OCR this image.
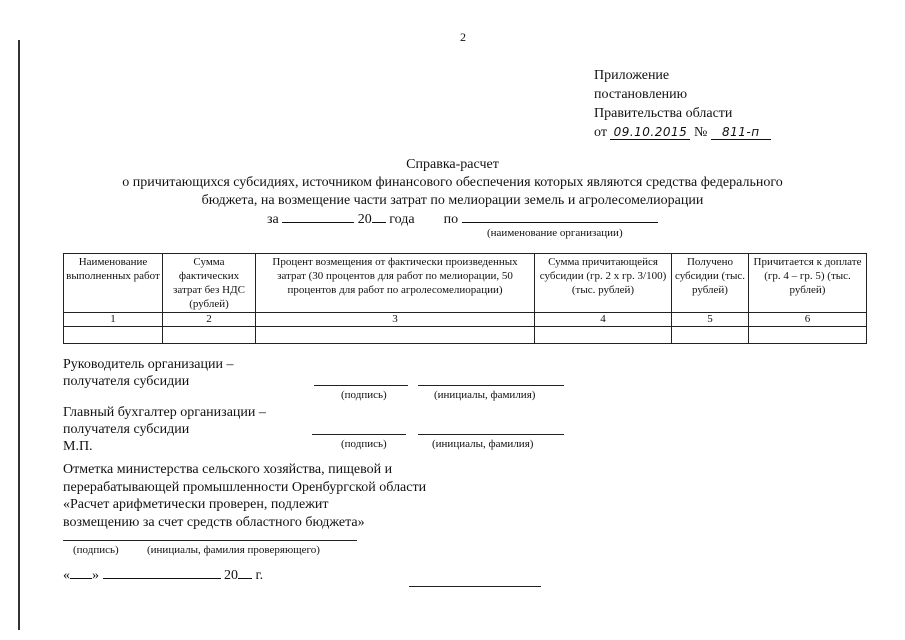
2
Приложение
постановлению
Правительства области
от 09.10.2015 № 811-п
Справка-расчет
о причитающихся субсидиях, источником финансового обеспечения которых являются средства федерального
бюджета, на возмещение части затрат по мелиорации земель и агролесомелиорации
за	20 года по
(наименование организации)
Наименование выполненных работ	Сумма фактических затрат без НДС (рублей)	Процент возмещения от фактически произведенных затрат (30 процентов для работ по мелиорации, 50 процентов для работ по агролесомелиорации)	Сумма причитающейся субсидии (гр. 2 х гр. 3/100) (тыс. рублей)	Получено субсидии (тыс. рублей)	Причитается к доплате (гр. 4 – гр. 5) (тыс. рублей)
1	2	3	4	5	6

Руководитель организации –
получателя субсидии
(подпись)	(инициалы, фамилия)
Главный бухгалтер организации –
получателя субсидии
М.П.	(подпись)	(инициалы, фамилия)
Отметка министерства сельского хозяйства, пищевой и
перерабатывающей промышленности Оренбургской области
«Расчет арифметически проверен, подлежит
возмещению за счет средств областного бюджета»
(подпись)	(инициалы, фамилия проверяющего)
« »	20 г.
